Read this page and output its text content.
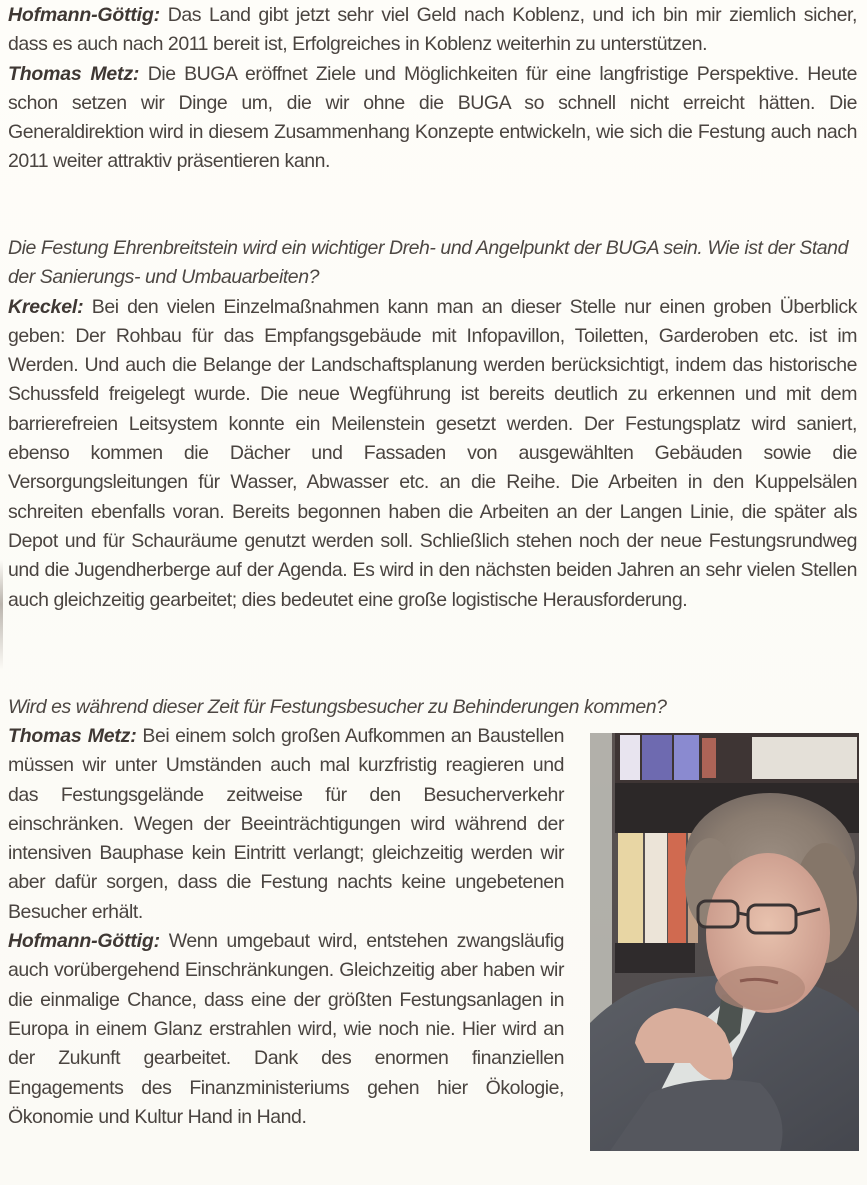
Hofmann-Göttig: Das Land gibt jetzt sehr viel Geld nach Koblenz, und ich bin mir ziemlich sicher, dass es auch nach 2011 bereit ist, Erfolgreiches in Koblenz weiterhin zu unterstützen.

Thomas Metz: Die BUGA eröffnet Ziele und Möglichkeiten für eine langfristige Perspektive. Heute schon setzen wir Dinge um, die wir ohne die BUGA so schnell nicht erreicht hätten. Die Generaldirektion wird in diesem Zusammenhang Konzepte entwickeln, wie sich die Festung auch nach 2011 weiter attraktiv präsentieren kann.

Die Festung Ehrenbreitstein wird ein wichtiger Dreh- und Angelpunkt der BUGA sein. Wie ist der Stand der Sanierungs- und Umbauarbeiten?

Kreckel: Bei den vielen Einzelmaßnahmen kann man an dieser Stelle nur einen groben Überblick geben: Der Rohbau für das Empfangsgebäude mit Infopavillon, Toiletten, Garderoben etc. ist im Werden. Und auch die Belange der Landschaftsplanung werden berücksichtigt, indem das historische Schussfeld freigelegt wurde. Die neue Wegführung ist bereits deutlich zu erkennen und mit dem barrierefreien Leitsystem konnte ein Meilenstein gesetzt werden. Der Festungsplatz wird saniert, ebenso kommen die Dächer und Fassaden von ausgewählten Gebäuden sowie die Versorgungsleitungen für Wasser, Abwasser etc. an die Reihe. Die Arbeiten in den Kuppelsälen schreiten ebenfalls voran. Bereits begonnen haben die Arbeiten an der Langen Linie, die später als Depot und für Schauräume genutzt werden soll. Schließlich stehen noch der neue Festungsrundweg und die Jugendherberge auf der Agenda. Es wird in den nächsten beiden Jahren an sehr vielen Stellen auch gleichzeitig gearbeitet; dies bedeutet eine große logistische Herausforderung.

Wird es während dieser Zeit für Festungsbesucher zu Behinderungen kommen?

Thomas Metz: Bei einem solch großen Aufkommen an Baustellen müssen wir unter Umständen auch mal kurzfristig reagieren und das Festungsgelände zeitweise für den Besucherverkehr einschränken. Wegen der Beeinträchtigungen wird während der intensiven Bauphase kein Eintritt verlangt; gleichzeitig werden wir aber dafür sorgen, dass die Festung nachts keine ungebetenen Besucher erhält.

Hofmann-Göttig: Wenn umgebaut wird, entstehen zwangsläufig auch vorübergehend Einschränkungen. Gleichzeitig aber haben wir die einmalige Chance, dass eine der größten Festungsanlagen in Europa in einem Glanz erstrahlen wird, wie noch nie. Hier wird an der Zukunft gearbeitet. Dank des enormen finanziellen Engagements des Finanzministeriums gehen hier Ökologie, Ökonomie und Kultur Hand in Hand.
